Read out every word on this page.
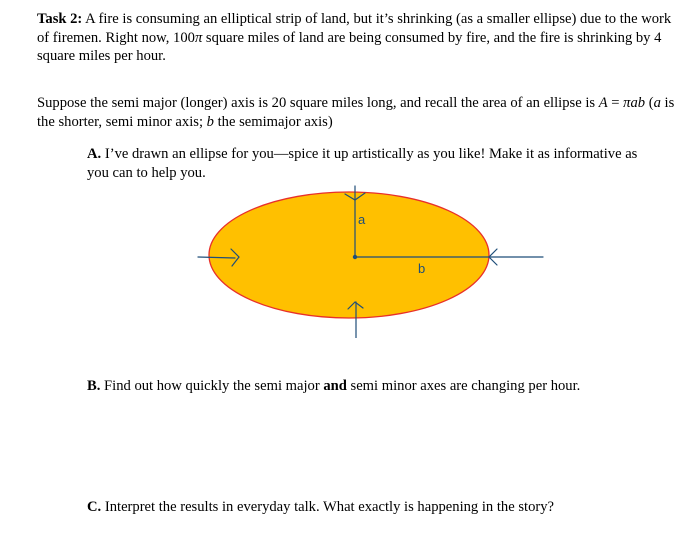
Task 2: A fire is consuming an elliptical strip of land, but it’s shrinking (as a smaller ellipse) due to the work of firemen. Right now, 100π square miles of land are being consumed by fire, and the fire is shrinking by 4 square miles per hour.
Suppose the semi major (longer) axis is 20 square miles long, and recall the area of an ellipse is A = πab (a is the shorter, semi minor axis; b the semimajor axis)
A. I’ve drawn an ellipse for you—spice it up artistically as you like! Make it as informative as you can to help you.
a
b
B. Find out how quickly the semi major and semi minor axes are changing per hour.
C. Interpret the results in everyday talk. What exactly is happening in the story?
